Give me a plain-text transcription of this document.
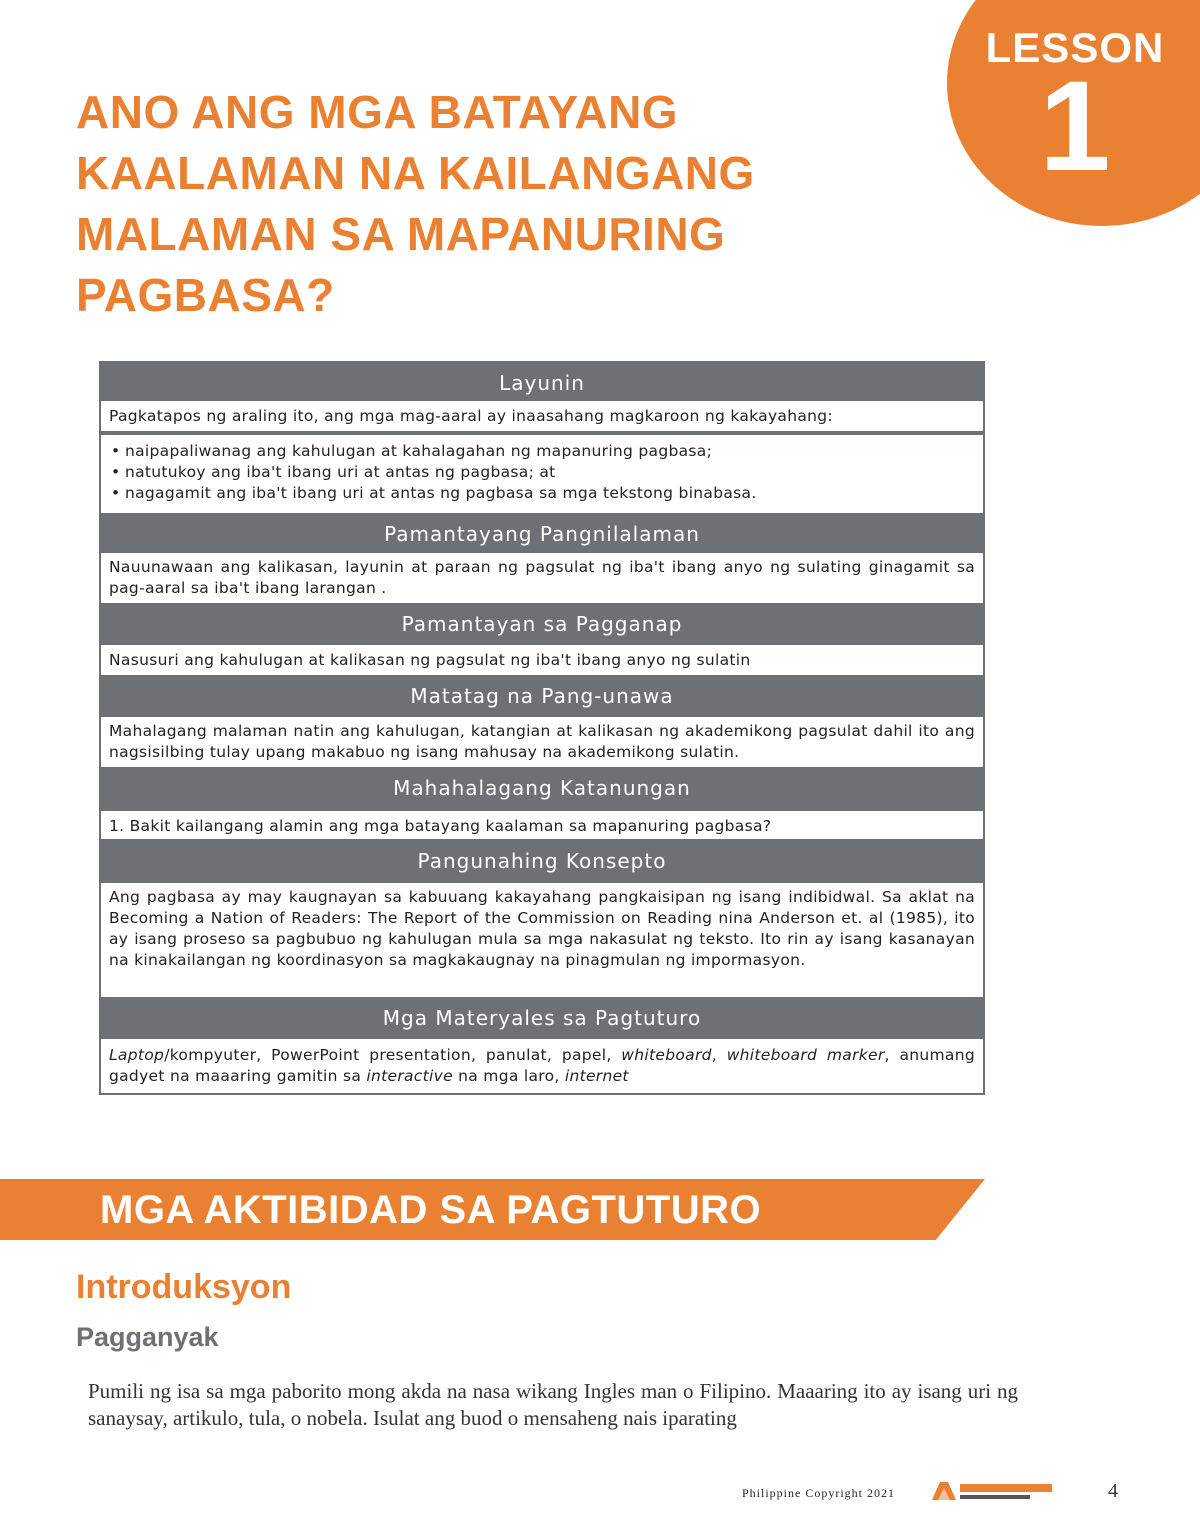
LESSON
1
ANO ANG MGA BATAYANG KAALAMAN NA KAILANGANG MALAMAN SA MAPANURING PAGBASA?
Layunin
Pagkatapos ng araling ito, ang mga mag-aaral ay inaasahang magkaroon ng kakayahang:
• naipapaliwanag ang kahulugan at kahalagahan ng mapanuring pagbasa;
• natutukoy ang iba't ibang uri at antas ng pagbasa; at
• nagagamit ang iba't ibang uri at antas ng pagbasa sa mga tekstong binabasa.
Pamantayang Pangnilalaman
Nauunawaan ang kalikasan, layunin at paraan ng pagsulat ng iba't ibang anyo ng sulating ginagamit sa pag-aaral sa iba't ibang larangan .
Pamantayan sa Pagganap
Nasusuri ang kahulugan at kalikasan ng pagsulat ng iba't ibang anyo ng sulatin
Matatag na Pang-unawa
Mahalagang malaman natin ang kahulugan, katangian at kalikasan ng akademikong pagsulat dahil ito ang nagsisilbing tulay upang makabuo ng isang mahusay na akademikong sulatin.
Mahahalagang Katanungan
1. Bakit kailangang alamin ang mga batayang kaalaman sa mapanuring pagbasa?
Pangunahing Konsepto
Ang pagbasa ay may kaugnayan sa kabuuang kakayahang pangkaisipan ng isang indibidwal. Sa aklat na Becoming a Nation of Readers: The Report of the Commission on Reading nina Anderson et. al (1985), ito ay isang proseso sa pagbubuo ng kahulugan mula sa mga nakasulat ng teksto. Ito rin ay isang kasanayan na kinakailangan ng koordinasyon sa magkakaugnay na pinagmulan ng impormasyon.
Mga Materyales sa Pagtuturo
Laptop/kompyuter, PowerPoint presentation, panulat, papel, whiteboard, whiteboard marker, anumang gadyet na maaaring gamitin sa interactive na mga laro, internet
MGA AKTIBIDAD SA PAGTUTURO
Introduksyon
Pagganyak

Pumili ng isa sa mga paborito mong akda na nasa wikang Ingles man o Filipino. Maaaring ito ay isang uri ng sanaysay, artikulo, tula, o nobela. Isulat ang buod o mensaheng nais iparating

Philippine Copyright 2021	4
